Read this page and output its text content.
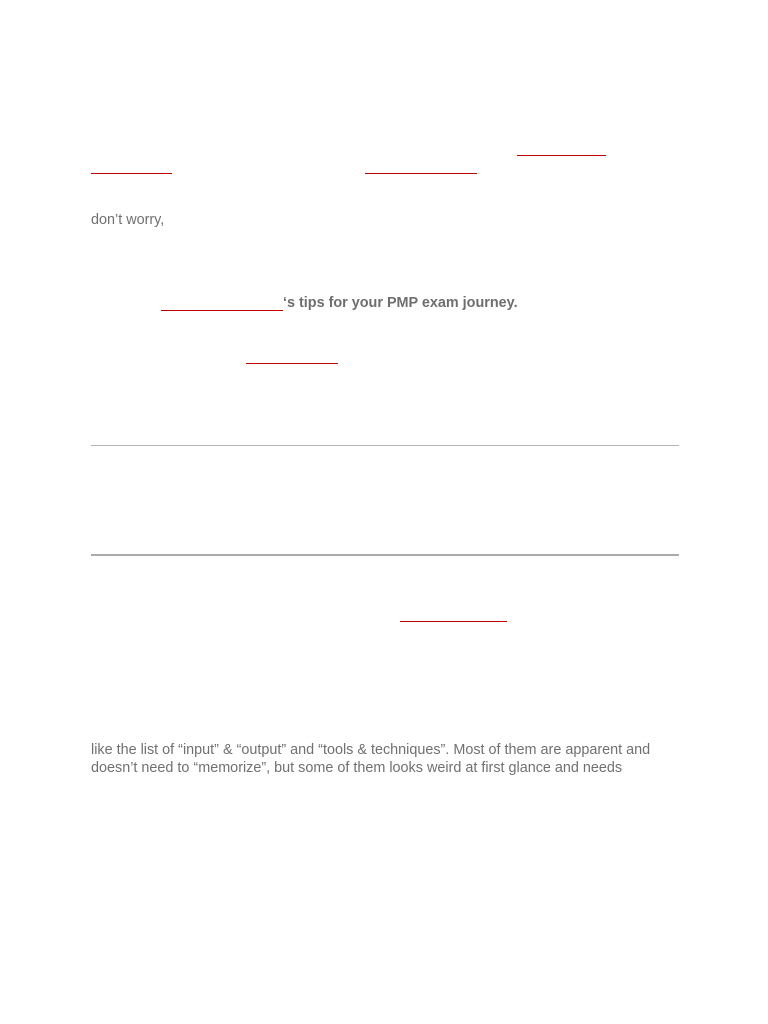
don’t worry,
‘s tips for your PMP exam journey.
like the list of “input” & “output” and “tools & techniques”. Most of them are apparent and
doesn’t need to “memorize”, but some of them looks weird at first glance and needs
